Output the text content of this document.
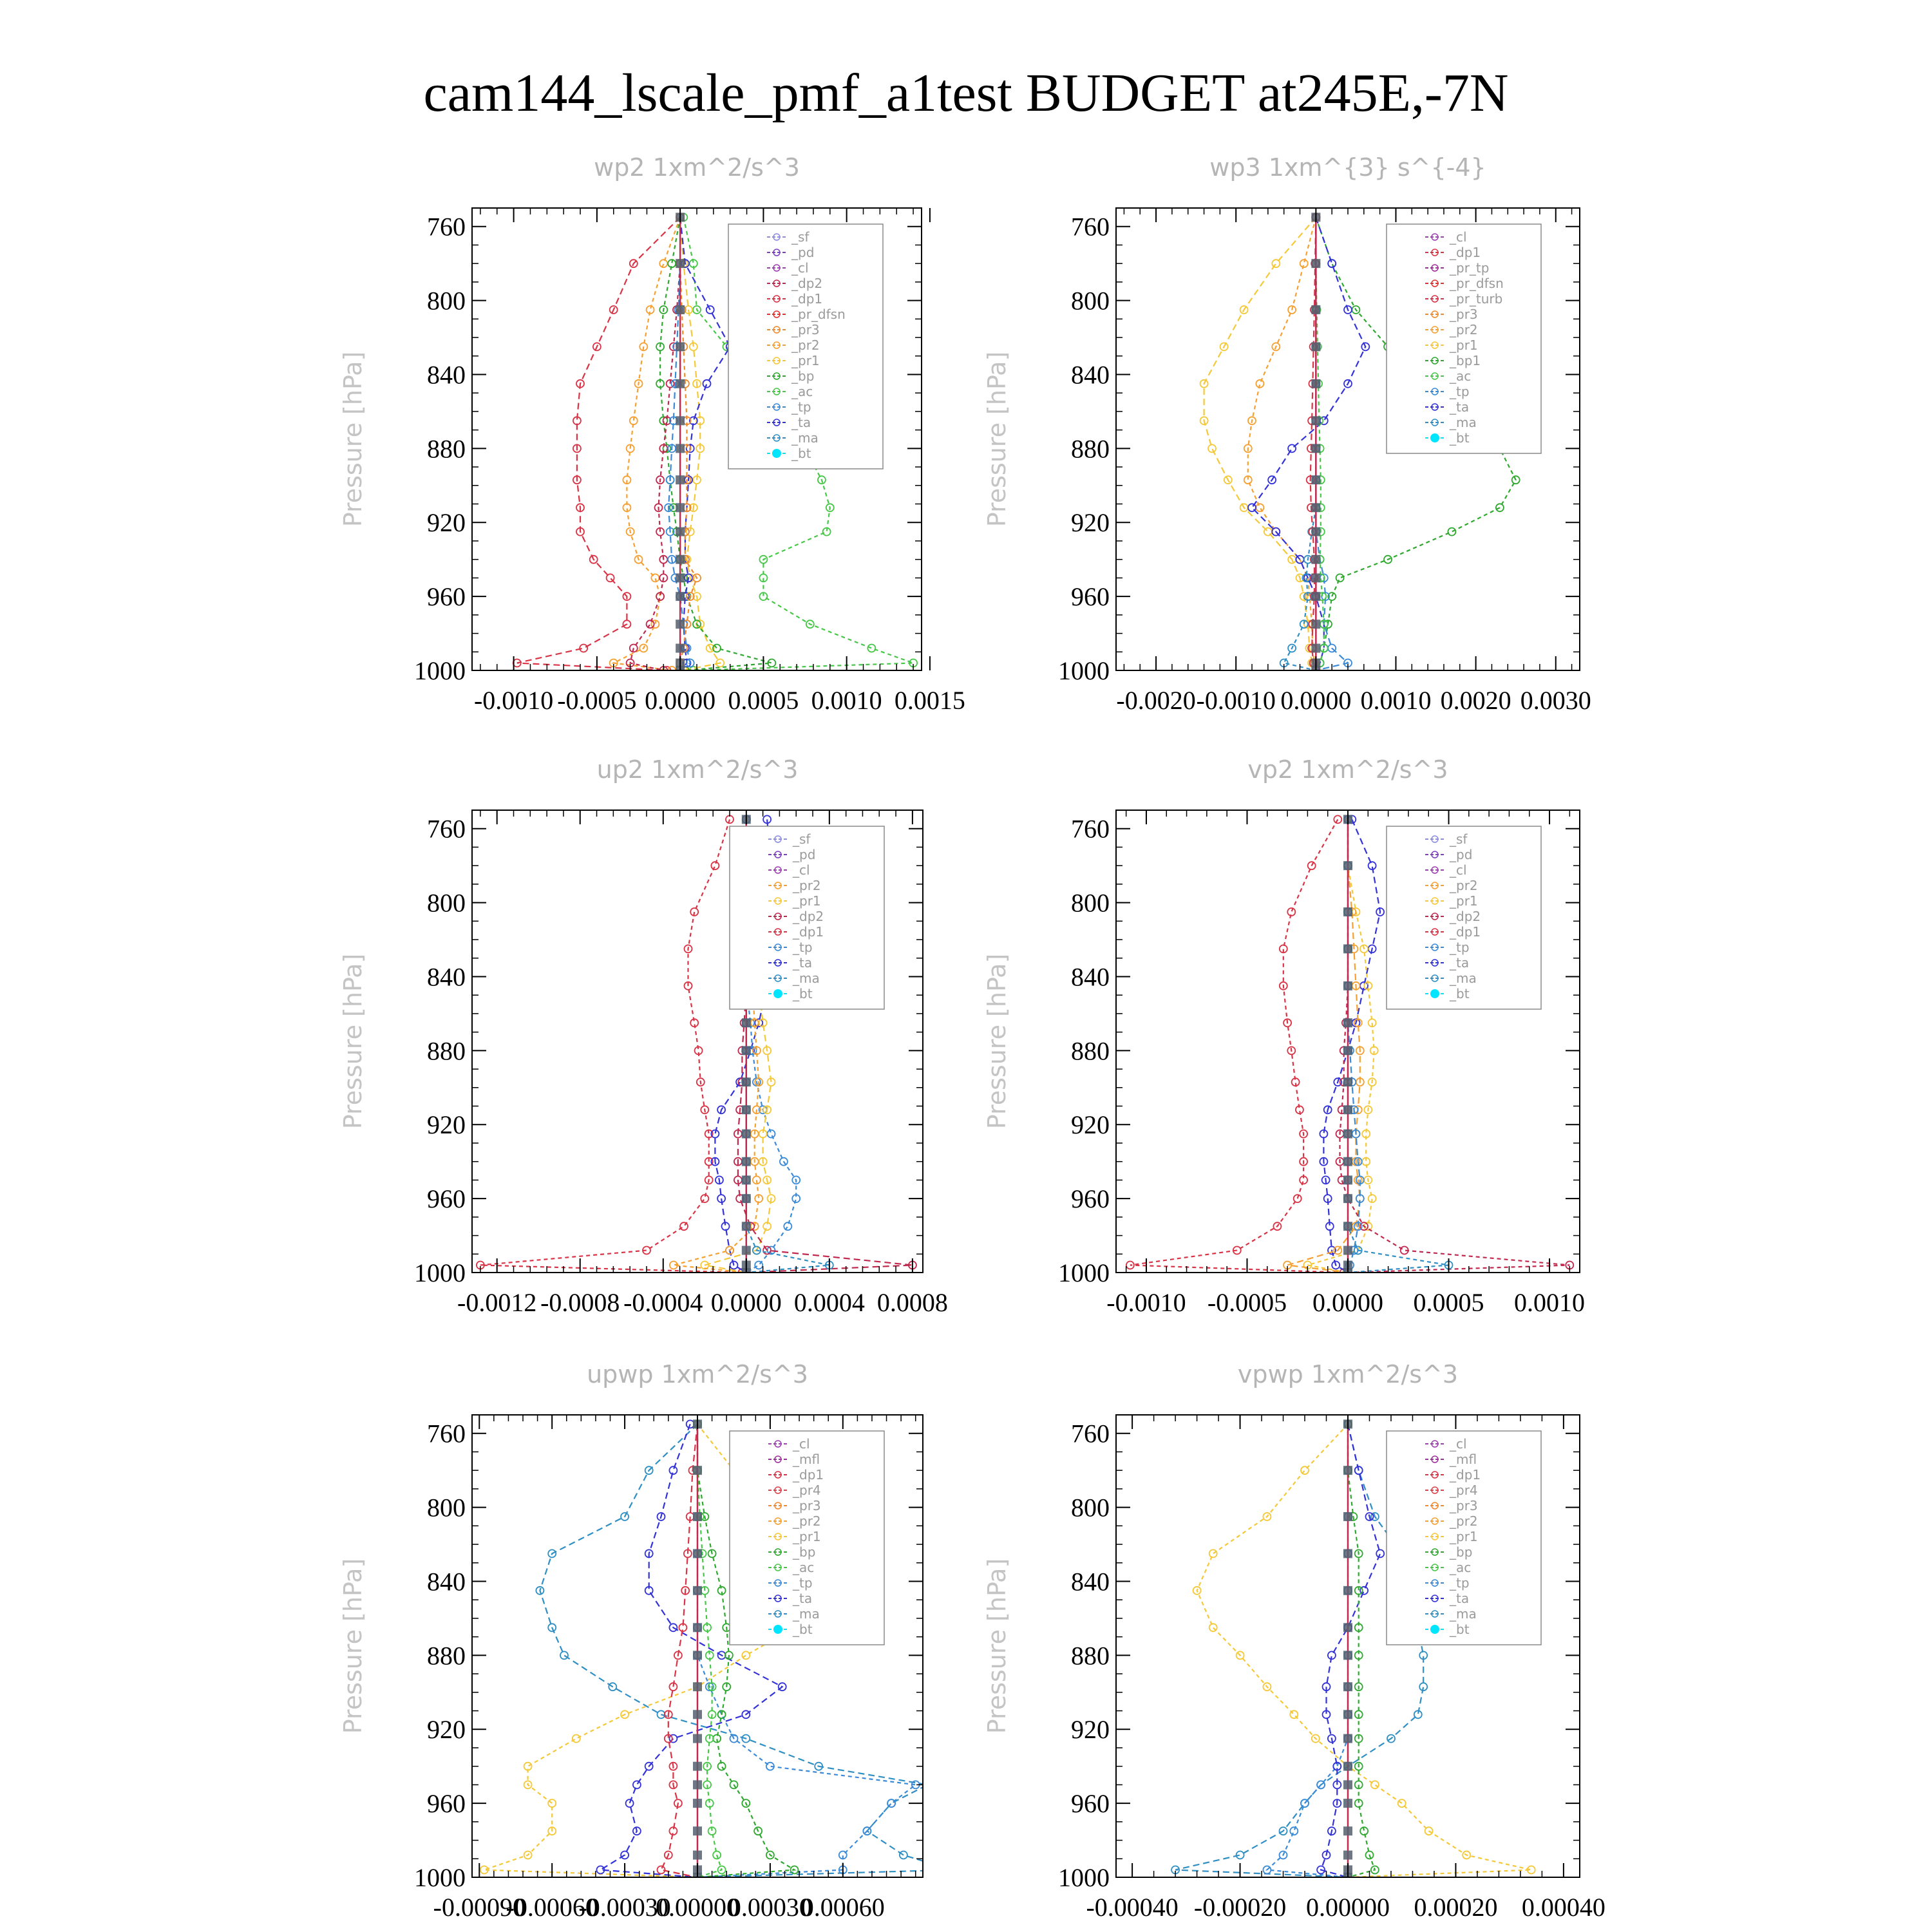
cam144_lscale_pmf_a1test BUDGET at245E,-7N
wp2 1xm^2/s^3
Pressure [hPa]
760
800
840
880
920
960
1000
-0.0010 -0.0005 0.0000 0.0005 0.0010 0.0015
_sf
_pd
_cl
_dp2
_dp1
_pr_dfsn
_pr3
_pr2
_pr1
_bp
_ac
_tp
_ta
_ma
_bt
wp3 1xm^{3} s^{-4}
Pressure [hPa]
760
800
840
880
920
960
1000
-0.0020 -0.0010 0.0000 0.0010 0.0020 0.0030
_cl
_dp1
_pr_tp
_pr_dfsn
_pr_turb
_pr3
_pr2
_pr1
_bp1
_ac
_tp
_ta
_ma
_bt
up2 1xm^2/s^3
Pressure [hPa]
760
800
840
880
920
960
1000
-0.0012 -0.0008 -0.0004 0.0000 0.0004 0.0008
_sf
_pd
_cl
_pr2
_pr1
_dp2
_dp1
_tp
_ta
_ma
_bt
vp2 1xm^2/s^3
Pressure [hPa]
760
800
840
880
920
960
1000
-0.0010 -0.0005 0.0000 0.0005 0.0010
_sf
_pd
_cl
_pr2
_pr1
_dp2
_dp1
_tp
_ta
_ma
_bt
upwp 1xm^2/s^3
Pressure [hPa]
760
800
840
880
920
960
1000
-0.00090
-0.00060
-0.00030
0.00000
0.00030
0.00060
_cl
_mfl
_dp1
_pr4
_pr3
_pr2
_pr1
_bp
_ac
_tp
_ta
_ma
_bt
vpwp 1xm^2/s^3
Pressure [hPa]
760
800
840
880
920
960
1000
-0.00040 -0.00020 0.00000 0.00020 0.00040
_cl
_mfl
_dp1
_pr4
_pr3
_pr2
_pr1
_bp
_ac
_tp
_ta
_ma
_bt
